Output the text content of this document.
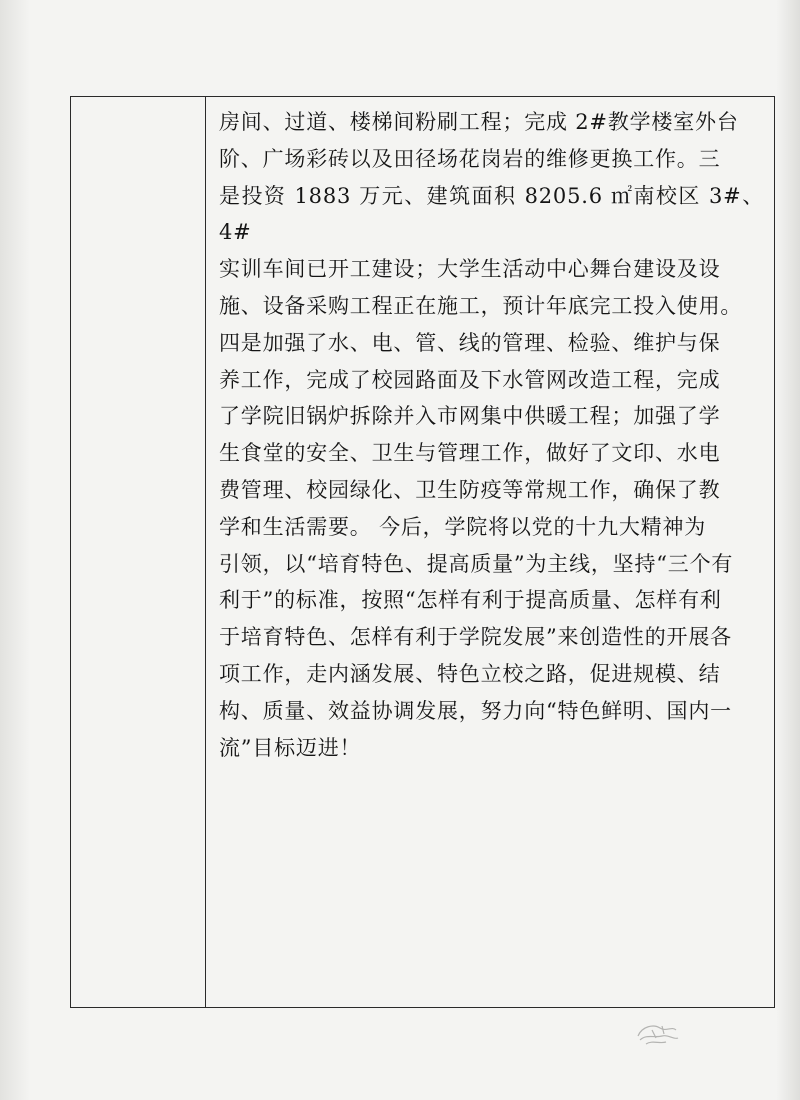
房间、过道、楼梯间粉刷工程；完成 2#教学楼室外台
阶、广场彩砖以及田径场花岗岩的维修更换工作。三
是投资 1883 万元、建筑面积 8205.6 ㎡南校区 3#、4#
实训车间已开工建设；大学生活动中心舞台建设及设
施、设备采购工程正在施工，预计年底完工投入使用。
四是加强了水、电、管、线的管理、检验、维护与保
养工作，完成了校园路面及下水管网改造工程，完成
了学院旧锅炉拆除并入市网集中供暖工程；加强了学
生食堂的安全、卫生与管理工作，做好了文印、水电
费管理、校园绿化、卫生防疫等常规工作，确保了教
学和生活需要。 今后，学院将以党的十九大精神为
引领，以“培育特色、提高质量”为主线，坚持“三个有
利于”的标准，按照“怎样有利于提高质量、怎样有利
于培育特色、怎样有利于学院发展”来创造性的开展各
项工作，走内涵发展、特色立校之路，促进规模、结
构、质量、效益协调发展，努力向“特色鲜明、国内一
流”目标迈进！
